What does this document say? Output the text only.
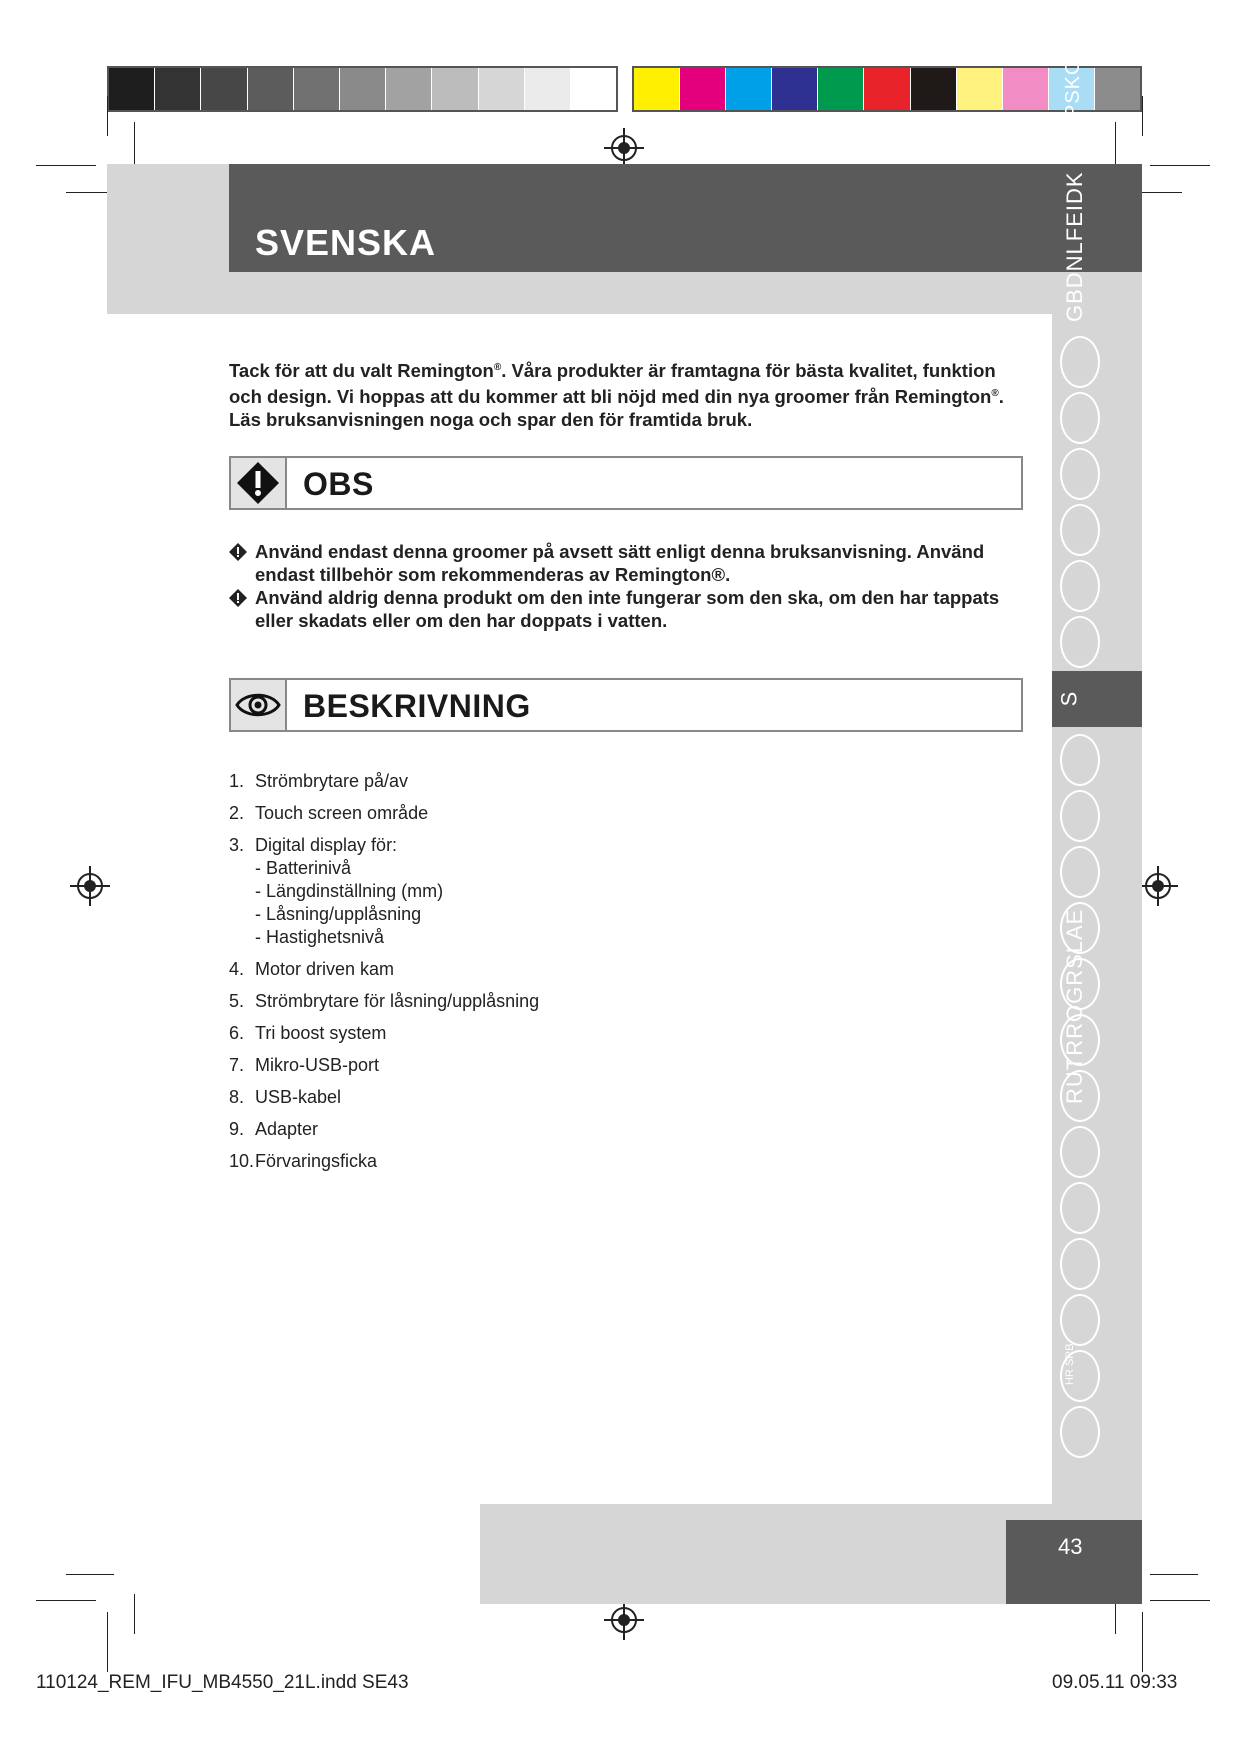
SVENSKA
Tack för att du valt Remington®. Våra produkter är framtagna för bästa kvalitet, funktion och design. Vi hoppas att du kommer att bli nöjd med din nya groomer från Remington®. Läs bruksanvisningen noga och spar den för framtida bruk.
OBS
Använd endast denna groomer på avsett sätt enligt denna bruksanvisning. Använd endast tillbehör som rekommenderas av Remington®.
Använd aldrig denna produkt om den inte fungerar som den ska, om den har tappats eller skadats eller om den har doppats i vatten.
BESKRIVNING
1. Strömbrytare på/av
2. Touch screen område
3. Digital display för:
- Batterinivå
- Längdinställning (mm)
- Låsning/upplåsning
- Hastighetsnivå
4. Motor driven kam
5. Strömbrytare för låsning/upplåsning
6. Tri boost system
7. Mikro-USB-port
8. USB-kabel
9. Adapter
10. Förvaringsficka
GBDNLFEIDK
PSKC
S
RUTRROGRSLAE
HR SRB
43
110124_REM_IFU_MB4550_21L.indd SE43	09.05.11 09:33
